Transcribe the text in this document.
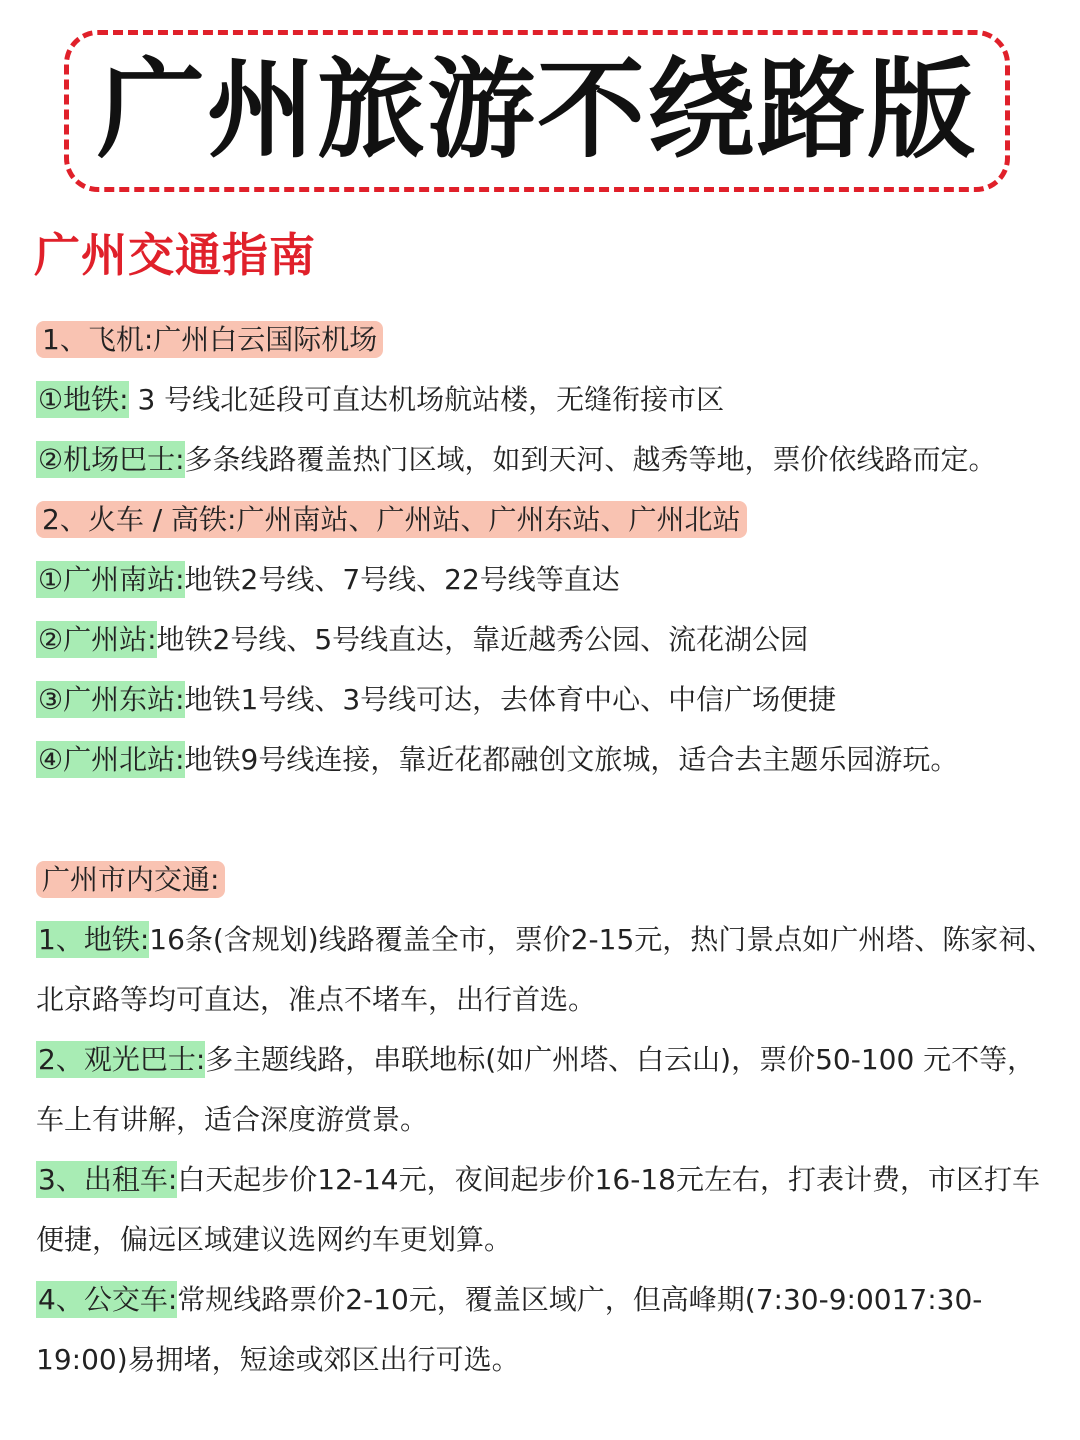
广州旅游不绕路版
广州交通指南
1、飞机:广州白云国际机场
①地铁: 3 号线北延段可直达机场航站楼，无缝衔接市区
②机场巴士:多条线路覆盖热门区域，如到天河、越秀等地，票价依线路而定。
2、火车 / 高铁:广州南站、广州站、广州东站、广州北站
①广州南站:地铁2号线、7号线、22号线等直达
②广州站:地铁2号线、5号线直达，靠近越秀公园、流花湖公园
③广州东站:地铁1号线、3号线可达，去体育中心、中信广场便捷
④广州北站:地铁9号线连接，靠近花都融创文旅城，适合去主题乐园游玩。
广州市内交通:
1、地铁:16条(含规划)线路覆盖全市，票价2-15元，热门景点如广州塔、陈家祠、北京路等均可直达，准点不堵车，出行首选。
2、观光巴士:多主题线路，串联地标(如广州塔、白云山)，票价50-100 元不等，车上有讲解，适合深度游赏景。
3、出租车:白天起步价12-14元，夜间起步价16-18元左右，打表计费，市区打车便捷，偏远区域建议选网约车更划算。
4、公交车:常规线路票价2-10元，覆盖区域广，但高峰期(7:30-9:0017:30-19:00)易拥堵，短途或郊区出行可选。
